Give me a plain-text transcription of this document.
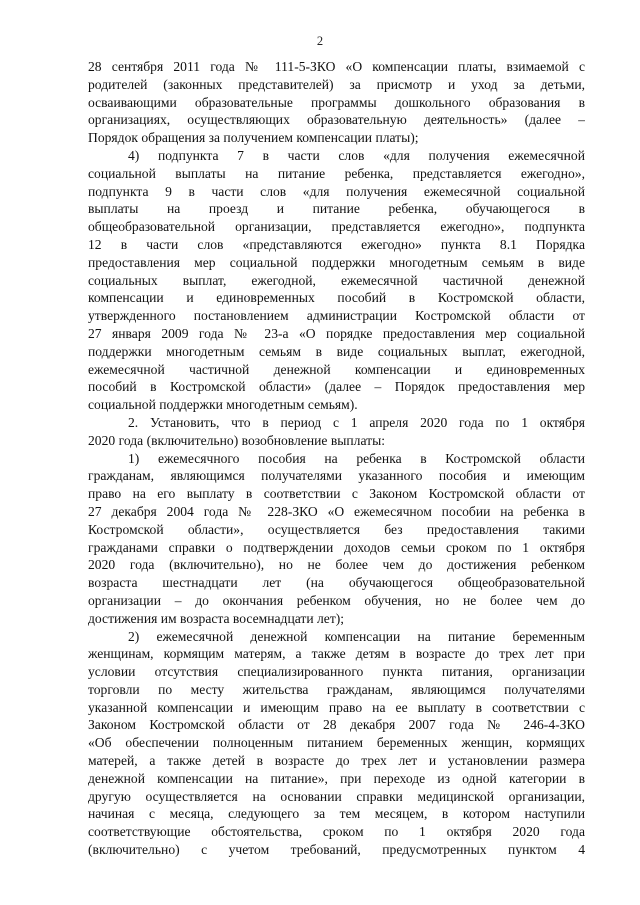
2
28 сентября 2011 года № 111-5-ЗКО «О компенсации платы, взимаемой с
родителей (законных представителей) за присмотр и уход за детьми,
осваивающими образовательные программы дошкольного образования в
организациях, осуществляющих образовательную деятельность» (далее –
Порядок обращения за получением компенсации платы);
4) подпункта 7 в части слов «для получения ежемесячной
социальной выплаты на питание ребенка, представляется ежегодно»,
подпункта 9 в части слов «для получения ежемесячной социальной
выплаты на проезд и питание ребенка, обучающегося в
общеобразовательной организации, представляется ежегодно», подпункта
12 в части слов «представляются ежегодно» пункта 8.1 Порядка
предоставления мер социальной поддержки многодетным семьям в виде
социальных выплат, ежегодной, ежемесячной частичной денежной
компенсации и единовременных пособий в Костромской области,
утвержденного постановлением администрации Костромской области от
27 января 2009 года № 23-а «О порядке предоставления мер социальной
поддержки многодетным семьям в виде социальных выплат, ежегодной,
ежемесячной частичной денежной компенсации и единовременных
пособий в Костромской области» (далее – Порядок предоставления мер
социальной поддержки многодетным семьям).
2. Установить, что в период с 1 апреля 2020 года по 1 октября
2020 года (включительно) возобновление выплаты:
1) ежемесячного пособия на ребенка в Костромской области
гражданам, являющимся получателями указанного пособия и имеющим
право на его выплату в соответствии с Законом Костромской области от
27 декабря 2004 года № 228-ЗКО «О ежемесячном пособии на ребенка в
Костромской области», осуществляется без предоставления такими
гражданами справки о подтверждении доходов семьи сроком по 1 октября
2020 года (включительно), но не более чем до достижения ребенком
возраста шестнадцати лет (на обучающегося общеобразовательной
организации – до окончания ребенком обучения, но не более чем до
достижения им возраста восемнадцати лет);
2) ежемесячной денежной компенсации на питание беременным
женщинам, кормящим матерям, а также детям в возрасте до трех лет при
условии отсутствия специализированного пункта питания, организации
торговли по месту жительства гражданам, являющимся получателями
указанной компенсации и имеющим право на ее выплату в соответствии с
Законом Костромской области от 28 декабря 2007 года № 246-4-ЗКО
«Об обеспечении полноценным питанием беременных женщин, кормящих
матерей, а также детей в возрасте до трех лет и установлении размера
денежной компенсации на питание», при переходе из одной категории в
другую осуществляется на основании справки медицинской организации,
начиная с месяца, следующего за тем месяцем, в котором наступили
соответствующие обстоятельства, сроком по 1 октября 2020 года
(включительно) с учетом требований, предусмотренных пунктом 4
